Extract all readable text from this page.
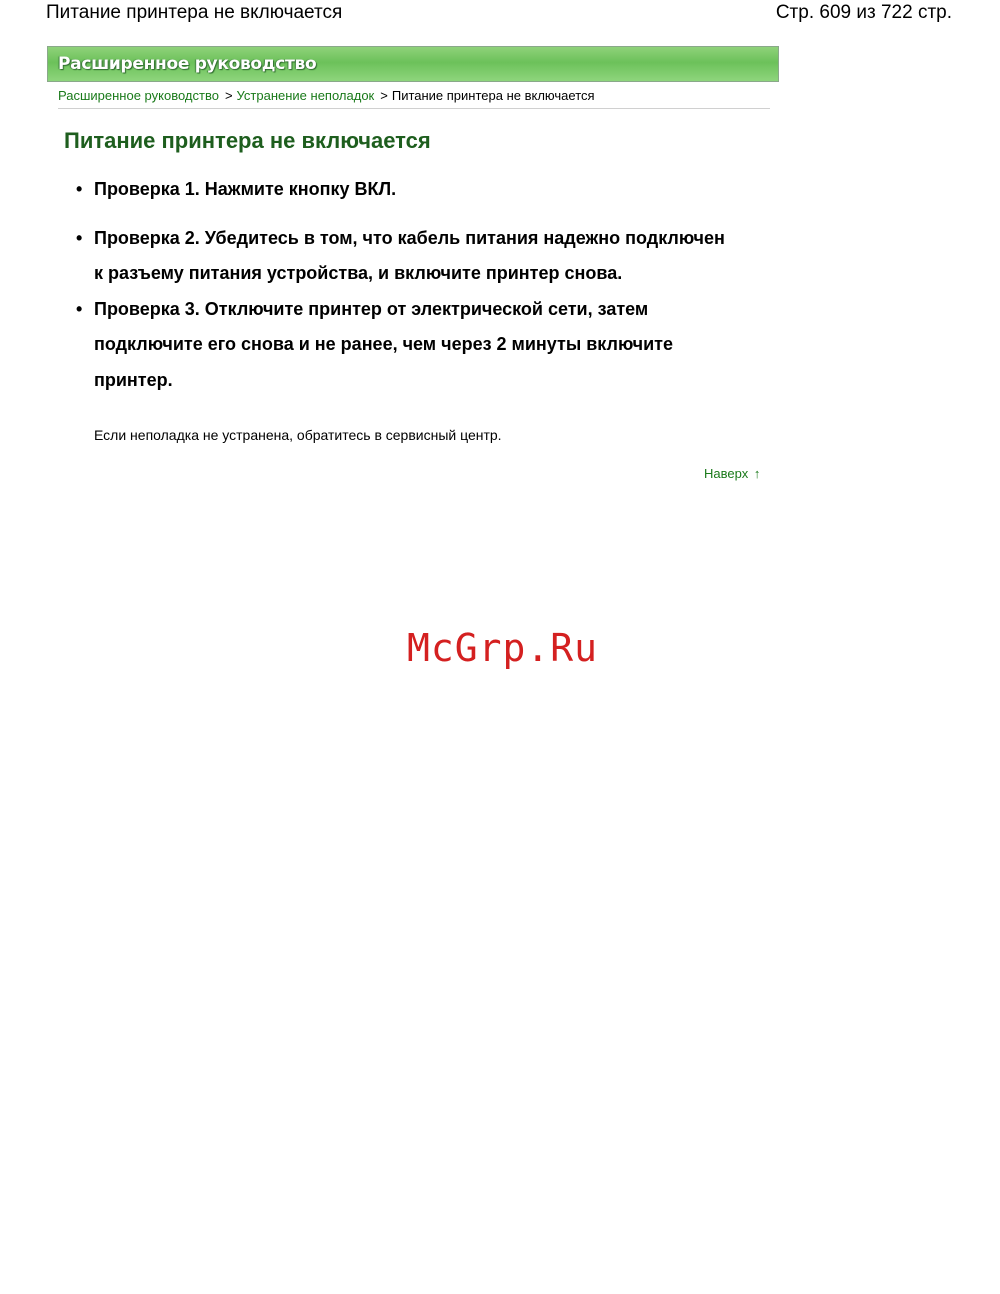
Питание принтера не включается	Стр. 609 из 722 стр.
Расширенное руководство
Расширенное руководство > Устранение неполадок > Питание принтера не включается
Питание принтера не включается
• Проверка 1. Нажмите кнопку ВКЛ.
• Проверка 2. Убедитесь в том, что кабель питания надежно подключен к разъему питания устройства, и включите принтер снова.
• Проверка 3. Отключите принтер от электрической сети, затем подключите его снова и не ранее, чем через 2 минуты включите принтер.
Если неполадка не устранена, обратитесь в сервисный центр.
Наверх ↑
McGrp.Ru
